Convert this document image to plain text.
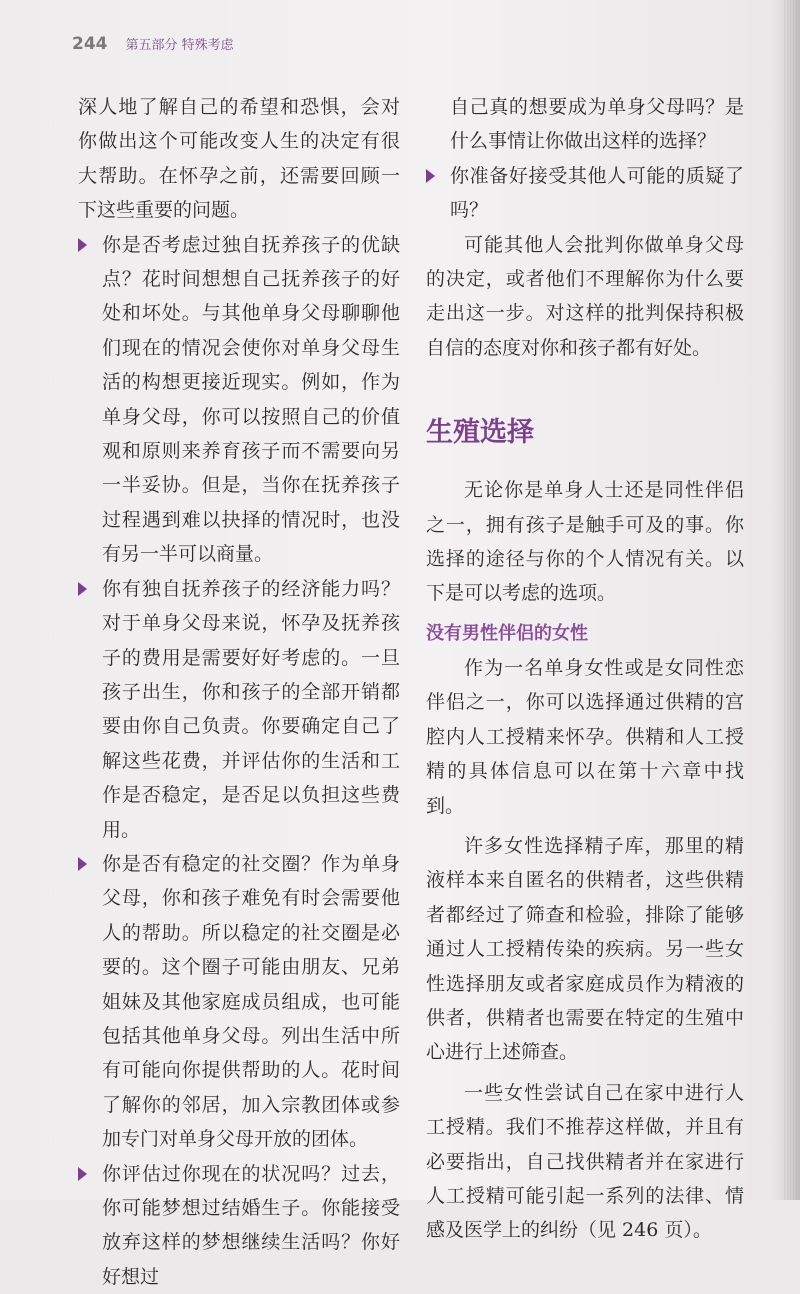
244 第五部分 特殊考虑

深人地了解自己的希望和恐惧，会对你做出这个可能改变人生的决定有很大帮助。在怀孕之前，还需要回顾一下这些重要的问题。

你是否考虑过独自抚养孩子的优缺点？花时间想想自己抚养孩子的好处和坏处。与其他单身父母聊聊他们现在的情况会使你对单身父母生活的构想更接近现实。例如，作为单身父母，你可以按照自己的价值观和原则来养育孩子而不需要向另一半妥协。但是，当你在抚养孩子过程遇到难以抉择的情况时，也没有另一半可以商量。
你有独自抚养孩子的经济能力吗？对于单身父母来说，怀孕及抚养孩子的费用是需要好好考虑的。一旦孩子出生，你和孩子的全部开销都要由你自己负责。你要确定自己了解这些花费，并评估你的生活和工作是否稳定，是否足以负担这些费用。
你是否有稳定的社交圈？作为单身父母，你和孩子难免有时会需要他人的帮助。所以稳定的社交圈是必要的。这个圈子可能由朋友、兄弟姐妹及其他家庭成员组成，也可能包括其他单身父母。列出生活中所有可能向你提供帮助的人。花时间了解你的邻居，加入宗教团体或参加专门对单身父母开放的团体。
你评估过你现在的状况吗？过去，你可能梦想过结婚生子。你能接受放弃这样的梦想继续生活吗？你好好想过

自己真的想要成为单身父母吗？是什么事情让你做出这样的选择？

你准备好接受其他人可能的质疑了吗？

可能其他人会批判你做单身父母的决定，或者他们不理解你为什么要走出这一步。对这样的批判保持积极自信的态度对你和孩子都有好处。

生殖选择

无论你是单身人士还是同性伴侣之一，拥有孩子是触手可及的事。你选择的途径与你的个人情况有关。以下是可以考虑的选项。

没有男性伴侣的女性

作为一名单身女性或是女同性恋伴侣之一，你可以选择通过供精的宫腔内人工授精来怀孕。供精和人工授精的具体信息可以在第十六章中找到。

许多女性选择精子库，那里的精液样本来自匿名的供精者，这些供精者都经过了筛查和检验，排除了能够通过人工授精传染的疾病。另一些女性选择朋友或者家庭成员作为精液的供者，供精者也需要在特定的生殖中心进行上述筛查。

一些女性尝试自己在家中进行人工授精。我们不推荐这样做，并且有必要指出，自己找供精者并在家进行人工授精可能引起一系列的法律、情感及医学上的纠纷（见 246 页）。
